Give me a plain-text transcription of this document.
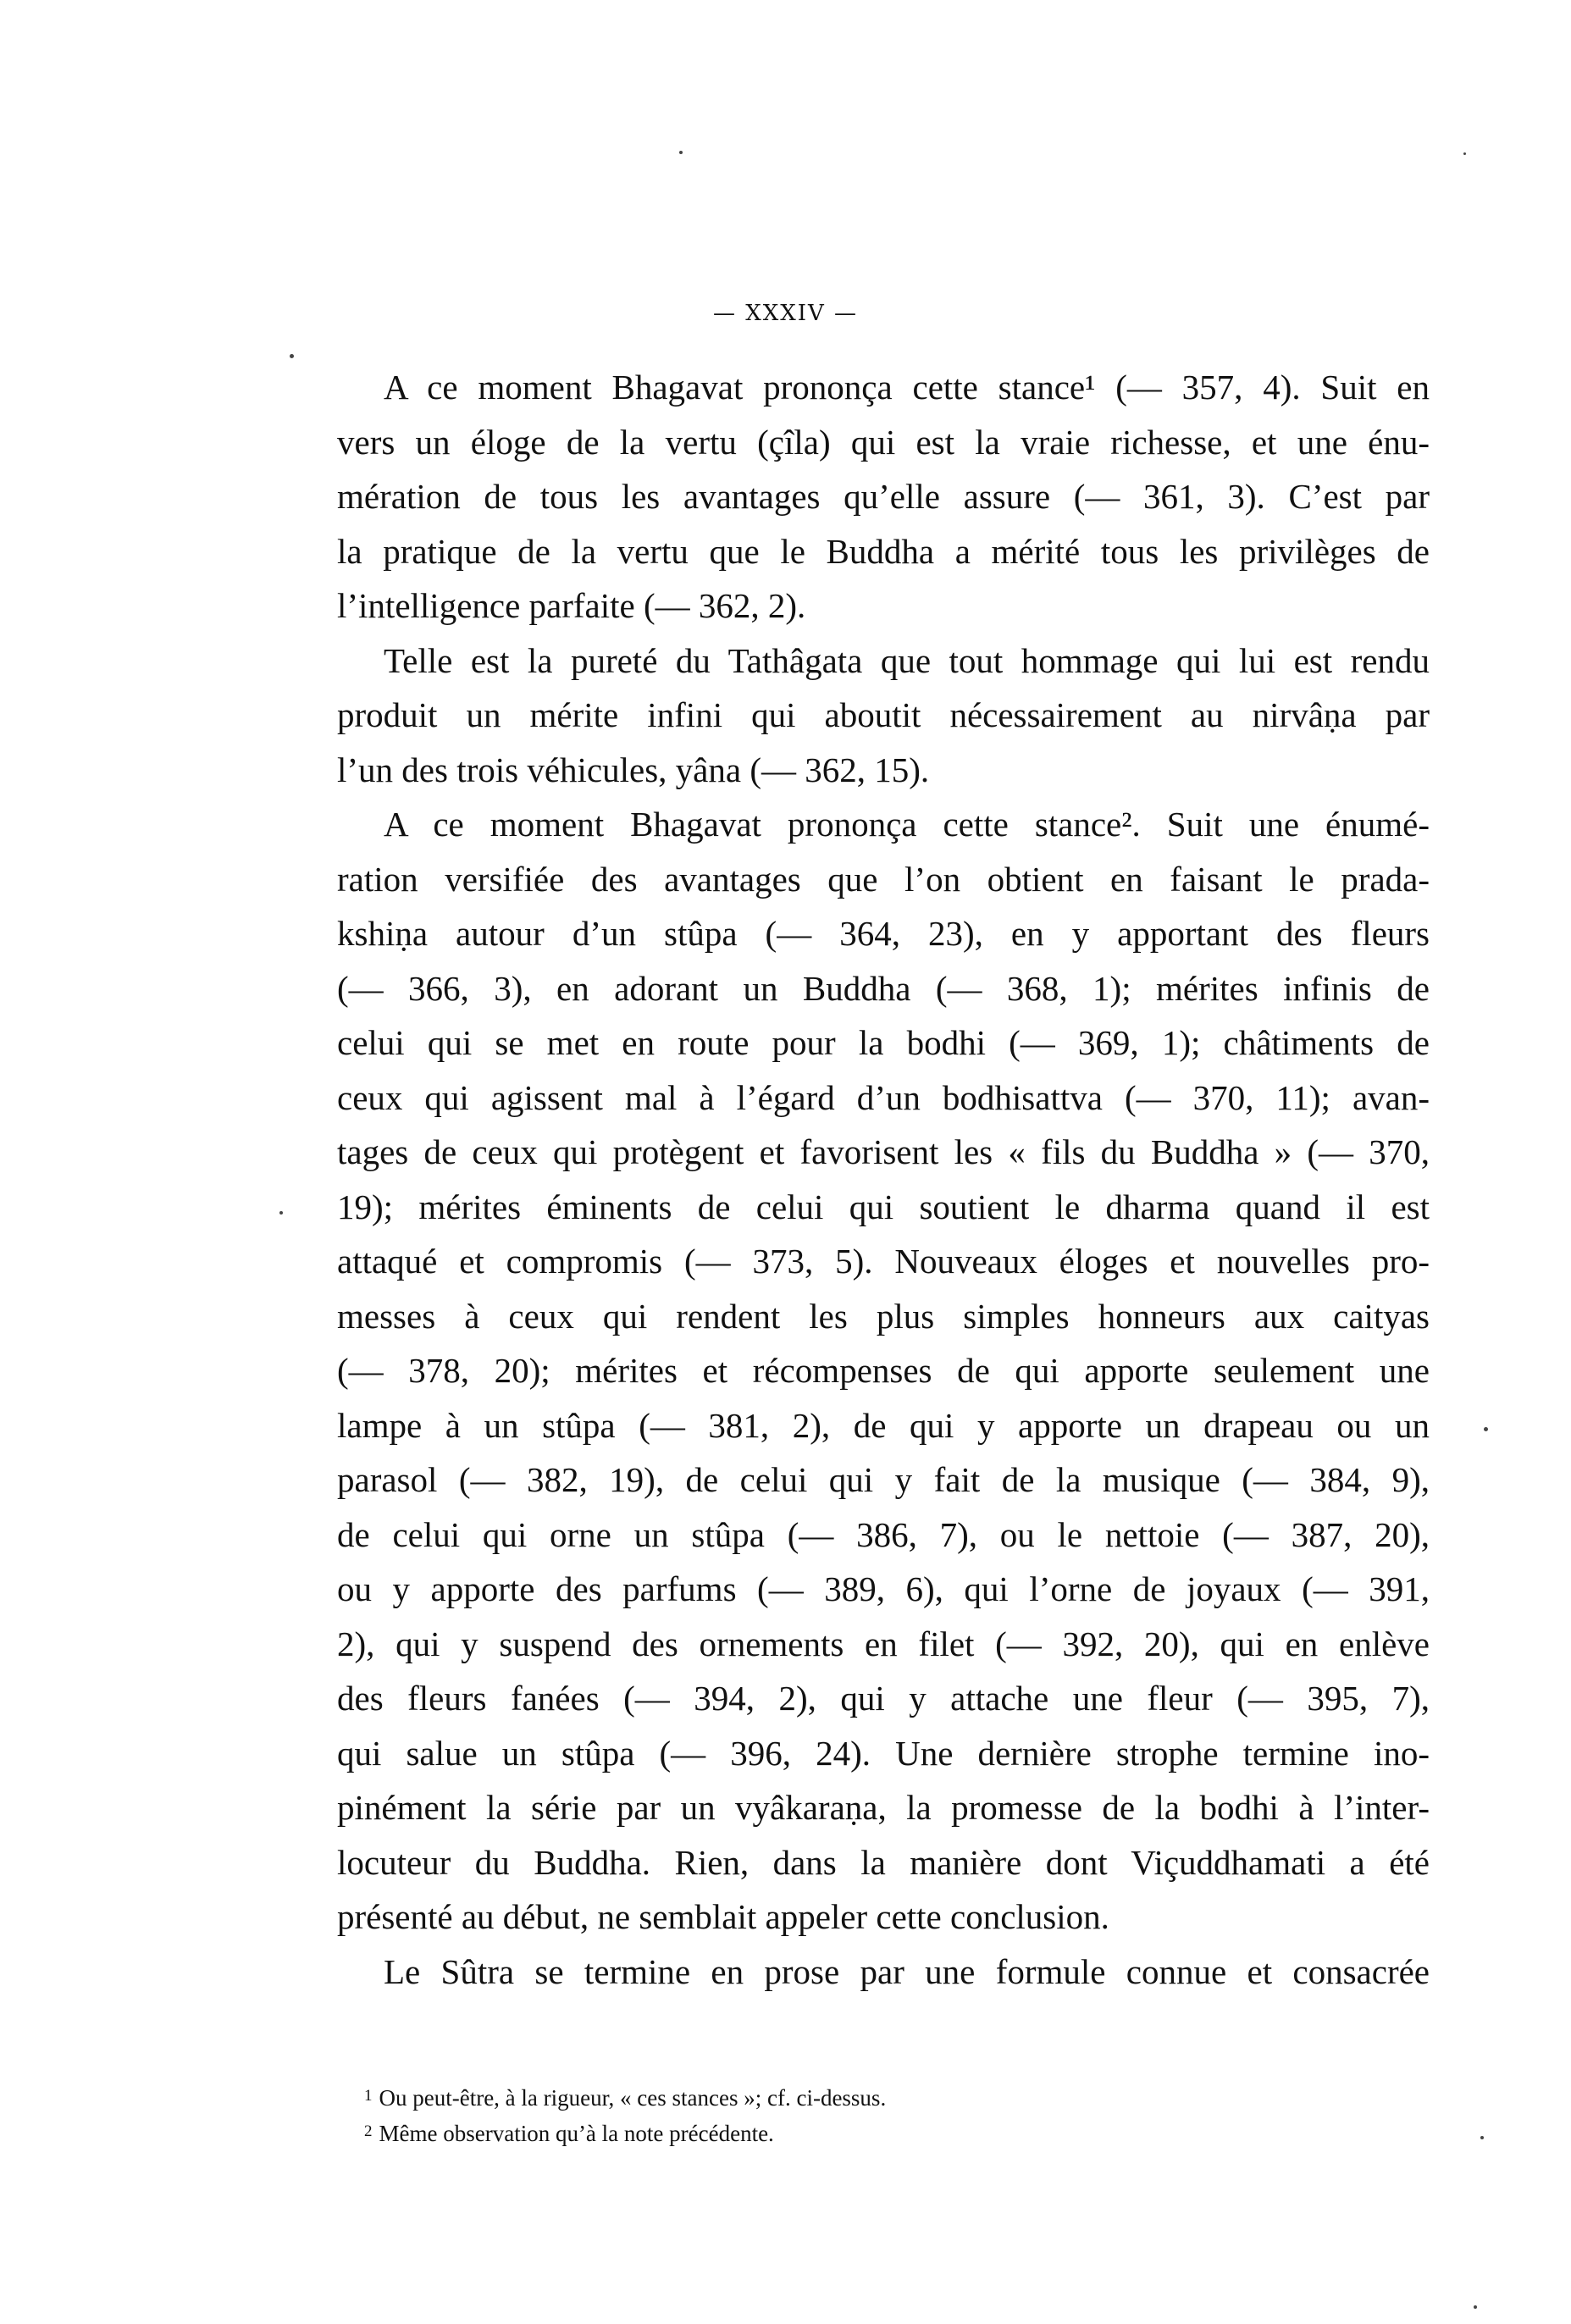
— XXXIV —
A ce moment Bhagavat prononça cette stance¹ (— 357, 4). Suit en
vers un éloge de la vertu (çîla) qui est la vraie richesse, et une énu-
mération de tous les avantages qu’elle assure (— 361, 3). C’est par
la pratique de la vertu que le Buddha a mérité tous les privilèges de
l’intelligence parfaite (— 362, 2).
Telle est la pureté du Tathâgata que tout hommage qui lui est rendu
produit un mérite infini qui aboutit nécessairement au nirvâṇa par
l’un des trois véhicules, yâna (— 362, 15).
A ce moment Bhagavat prononça cette stance². Suit une énumé-
ration versifiée des avantages que l’on obtient en faisant le prada-
kshiṇa autour d’un stûpa (— 364, 23), en y apportant des fleurs
(— 366, 3), en adorant un Buddha (— 368, 1); mérites infinis de
celui qui se met en route pour la bodhi (— 369, 1); châtiments de
ceux qui agissent mal à l’égard d’un bodhisattva (— 370, 11); avan-
tages de ceux qui protègent et favorisent les « fils du Buddha » (— 370,
19); mérites éminents de celui qui soutient le dharma quand il est
attaqué et compromis (— 373, 5). Nouveaux éloges et nouvelles pro-
messes à ceux qui rendent les plus simples honneurs aux caityas
(— 378, 20); mérites et récompenses de qui apporte seulement une
lampe à un stûpa (— 381, 2), de qui y apporte un drapeau ou un
parasol (— 382, 19), de celui qui y fait de la musique (— 384, 9),
de celui qui orne un stûpa (— 386, 7), ou le nettoie (— 387, 20),
ou y apporte des parfums (— 389, 6), qui l’orne de joyaux (— 391,
2), qui y suspend des ornements en filet (— 392, 20), qui en enlève
des fleurs fanées (— 394, 2), qui y attache une fleur (— 395, 7),
qui salue un stûpa (— 396, 24). Une dernière strophe termine ino-
pinément la série par un vyâkaraṇa, la promesse de la bodhi à l’inter-
locuteur du Buddha. Rien, dans la manière dont Viçuddhamati a été
présenté au début, ne semblait appeler cette conclusion.
Le Sûtra se termine en prose par une formule connue et consacrée
$^1$ Ou peut-être, à la rigueur, « ces stances »; cf. ci-dessus.
$^2$ Même observation qu’à la note précédente.
